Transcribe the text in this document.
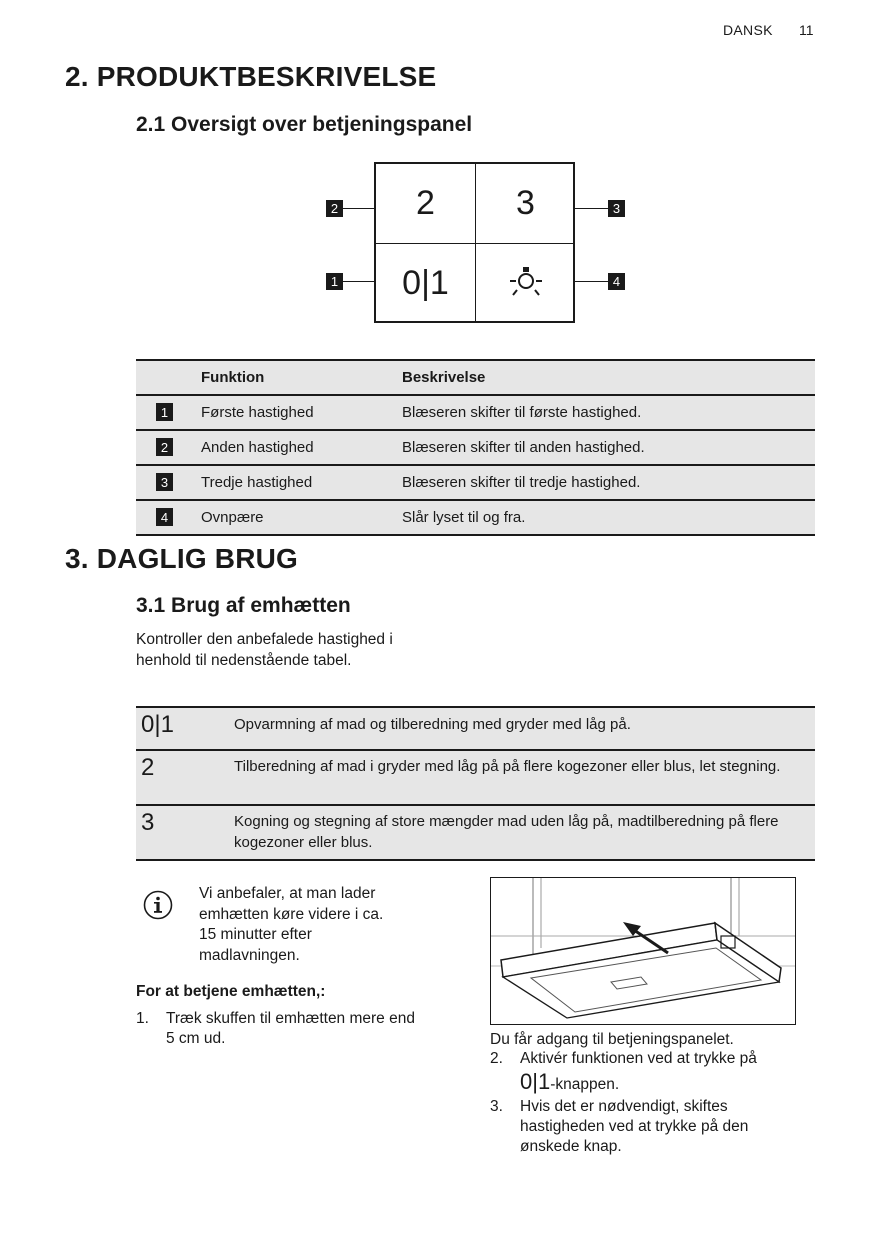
DANSK 11
2. PRODUKTBESKRIVELSE
2.1 Oversigt over betjeningspanel
2	3
0|1
2	3
1	4
Funktion	Beskrivelse
1	Første hastighed	Blæseren skifter til første hastighed.
2	Anden hastighed	Blæseren skifter til anden hastighed.
3	Tredje hastighed	Blæseren skifter til tredje hastighed.
4	Ovnpære	Slår lyset til og fra.
3. DAGLIG BRUG
3.1 Brug af emhætten
Kontroller den anbefalede hastighed i
henhold til nedenstående tabel.
0|1	Opvarmning af mad og tilberedning med gryder med låg på.
2	Tilberedning af mad i gryder med låg på på flere kogezoner eller blus, let stegning.
3	Kogning og stegning af store mængder mad uden låg på, madtilberedning på flere kogezoner eller blus.
Vi anbefaler, at man lader
emhætten køre videre i ca.
15 minutter efter
madlavningen.
For at betjene emhætten,:
1. Træk skuffen til emhætten mere end
5 cm ud.	Du får adgang til betjeningspanelet.
2. Aktivér funktionen ved at trykke på
0|1-knappen.
3. Hvis det er nødvendigt, skiftes
hastigheden ved at trykke på den
ønskede knap.
